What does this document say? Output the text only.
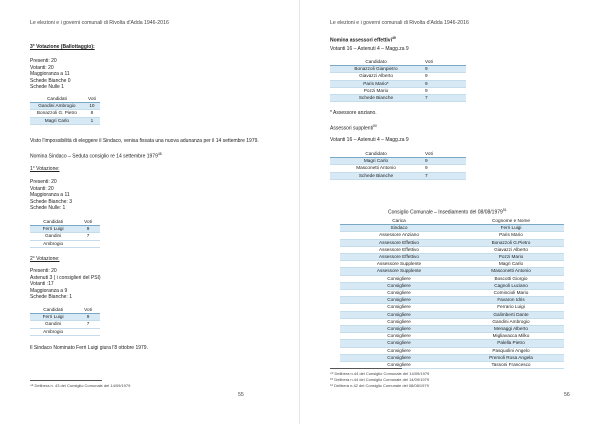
Le elezioni e i governi comunali di Rivolta d'Adda 1946-2016
3° Votazione (Ballottaggio):
Presenti: 20
Votanti: 20
Maggioranza a 11
Schede Bianche 0
Schede Nulle 1
Candidati	Voti
Gandini Ambrogio	10
Bonazzoli G. Pietro	8
Magri Carlo	1
Visto l'impossibilità di eleggere il Sindaco, venisa fissata una nuova adunanza per il 14 settembre 1979.
Nomina Sindaco – Seduta consiglio re 14 settembre 1979$^{48}$
1° Votazione:
Presenti: 20
Votanti: 20
Maggioranza a 11
Schede Bianche: 3
Schede Nulle: 1
Candidati	Voti
Ferri Luigi	9
Gandini	7
Ambrogio	
2° Votazione:
Presenti: 20
Astenuti 3 ( i consiglieri del PSI)
Votanti :17
Maggioranza a 9
Schede Bianche: 1
Candidati	Voti
Ferri Luigi	9
Gandini	7
Ambrogio	
Il Sindaco Nominato Ferri Luigi giura l'8 ottobre 1979.
⁴⁸ Delibera n. 43 del Consiglio Comunale del 14/09/1979
55
Le elezioni e i governi comunali di Rivolta d'Adda 1946-2016
Nomina assessori effettivi$^{49}$
Votanti 16 – Astenuti 4 – Magg.za 9
Candidato	Voti
Bonazzoli Gianpietro	9
Giavazzi Alberto	9
Paris Mario*	9
Pozzi Mario	9
Schede Bianche	7
* Assessore anziano.
Assessori supplenti$^{50}$
Votanti 16 – Astenuti 4 – Magg.za 9
Candidato	Voti
Magri Carlo	9
Masconetti Antonio	9
Schede Bianche	7
Consiglio Comunale – Insediamento del 08/08/1979$^{51}$
Carica	Cognome e Nome
Sindaco	Ferri Luigi
Assessore Anziano	Paris Mario
Assessore Effettivo	Bonazzoli G.Pietro
Assessore Effettivo	Giavazzi Alberto
Assessore Effettivo	Pozzi Mario
Assessore Supplente	Magri Carlo
Assessore Supplente	Masconetti Antonio
Consigliere	Boscotti Giorgio
Consigliere	Cagnoli Luciano
Consigliere	Comincioli Mario
Consigliere	Favaron Idris
Consigliere	Ferrario Luigi
Consigliere	Galimberti Dante
Consigliere	Gandini Ambrogio
Consigliere	Menaggi Alberto
Consigliere	Migliavacca Milko
Consigliere	Palella Pietro
Consigliere	Pasquolini Angelo
Consigliere	Premoli Rosa Angela
Consigliere	Tassoni Francesco
⁴⁹ Delibera n.44 del Consiglio Comunale del 14/09/1979
⁵⁰ Delibera n.44 del Consiglio Comunale del 14/09/1979
⁵¹ Delibera n.42 del Consiglio Comunale del 08/08/1979
56
